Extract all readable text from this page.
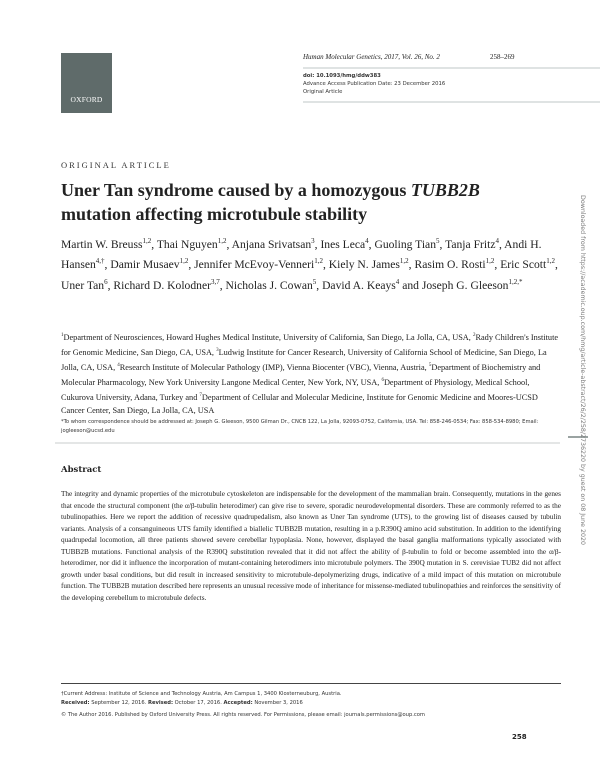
OXFORD
Human Molecular Genetics, 2017, Vol. 26, No. 2	258–269
doi: 10.1093/hmg/ddw383
Advance Access Publication Date: 23 December 2016
Original Article
ORIGINAL ARTICLE
Uner Tan syndrome caused by a homozygous TUBB2B mutation affecting microtubule stability
Martin W. Breuss$^{1,2}$, Thai Nguyen$^{1,2}$, Anjana Srivatsan$^3$, Ines Leca$^4$, Guoling Tian$^5$, Tanja Fritz$^4$, Andi H. Hansen$^{4,\dagger}$, Damir Musaev$^{1,2}$, Jennifer McEvoy-Venneri$^{1,2}$, Kiely N. James$^{1,2}$, Rasim O. Rosti$^{1,2}$, Eric Scott$^{1,2}$, Uner Tan$^6$, Richard D. Kolodner$^{3,7}$, Nicholas J. Cowan$^5$, David A. Keays$^4$ and Joseph G. Gleeson$^{1,2,*}$
$^1$Department of Neurosciences, Howard Hughes Medical Institute, University of California, San Diego, La Jolla, CA, USA, $^2$Rady Children's Institute for Genomic Medicine, San Diego, CA, USA, $^3$Ludwig Institute for Cancer Research, University of California School of Medicine, San Diego, La Jolla, CA, USA, $^4$Research Institute of Molecular Pathology (IMP), Vienna Biocenter (VBC), Vienna, Austria, $^5$Department of Biochemistry and Molecular Pharmacology, New York University Langone Medical Center, New York, NY, USA, $^6$Department of Physiology, Medical School, Cukurova University, Adana, Turkey and $^7$Department of Cellular and Molecular Medicine, Institute for Genomic Medicine and Moores-UCSD Cancer Center, San Diego, La Jolla, CA, USA
*To whom correspondence should be addressed at: Joseph G. Gleeson, 9500 Gilman Dr., CNCB 122, La Jolla, 92093-0752, California, USA. Tel: 858-246-0534; Fax: 858-534-8980; Email: jogleeson@ucsd.edu
Abstract
The integrity and dynamic properties of the microtubule cytoskeleton are indispensable for the development of the mammalian brain. Consequently, mutations in the genes that encode the structural component (the α/β-tubulin heterodimer) can give rise to severe, sporadic neurodevelopmental disorders. These are commonly referred to as the tubulinopathies. Here we report the addition of recessive quadrupedalism, also known as Uner Tan syndrome (UTS), to the growing list of diseases caused by tubulin variants. Analysis of a consanguineous UTS family identified a biallelic TUBB2B mutation, resulting in a p.R390Q amino acid substitution. In addition to the identifying quadrupedal locomotion, all three patients showed severe cerebellar hypoplasia. None, however, displayed the basal ganglia malformations typically associated with TUBB2B mutations. Functional analysis of the R390Q substitution revealed that it did not affect the ability of β-tubulin to fold or become assembled into the α/β-heterodimer, nor did it influence the incorporation of mutant-containing heterodimers into microtubule polymers. The 390Q mutation in S. cerevisiae TUB2 did not affect growth under basal conditions, but did result in increased sensitivity to microtubule-depolymerizing drugs, indicative of a mild impact of this mutation on microtubule function. The TUBB2B mutation described here represents an unusual recessive mode of inheritance for missense-mediated tubulinopathies and reinforces the sensitivity of the developing cerebellum to microtubule defects.
†Current Address: Institute of Science and Technology Austria, Am Campus 1, 3400 Klosterneuburg, Austria.
Received: September 12, 2016. Revised: October 17, 2016. Accepted: November 3, 2016
© The Author 2016. Published by Oxford University Press. All rights reserved. For Permissions, please email: journals.permissions@oup.com
258
Downloaded from https://academic.oup.com/hmg/article-abstract/26/2/258/2736220 by guest on 08 June 2020
